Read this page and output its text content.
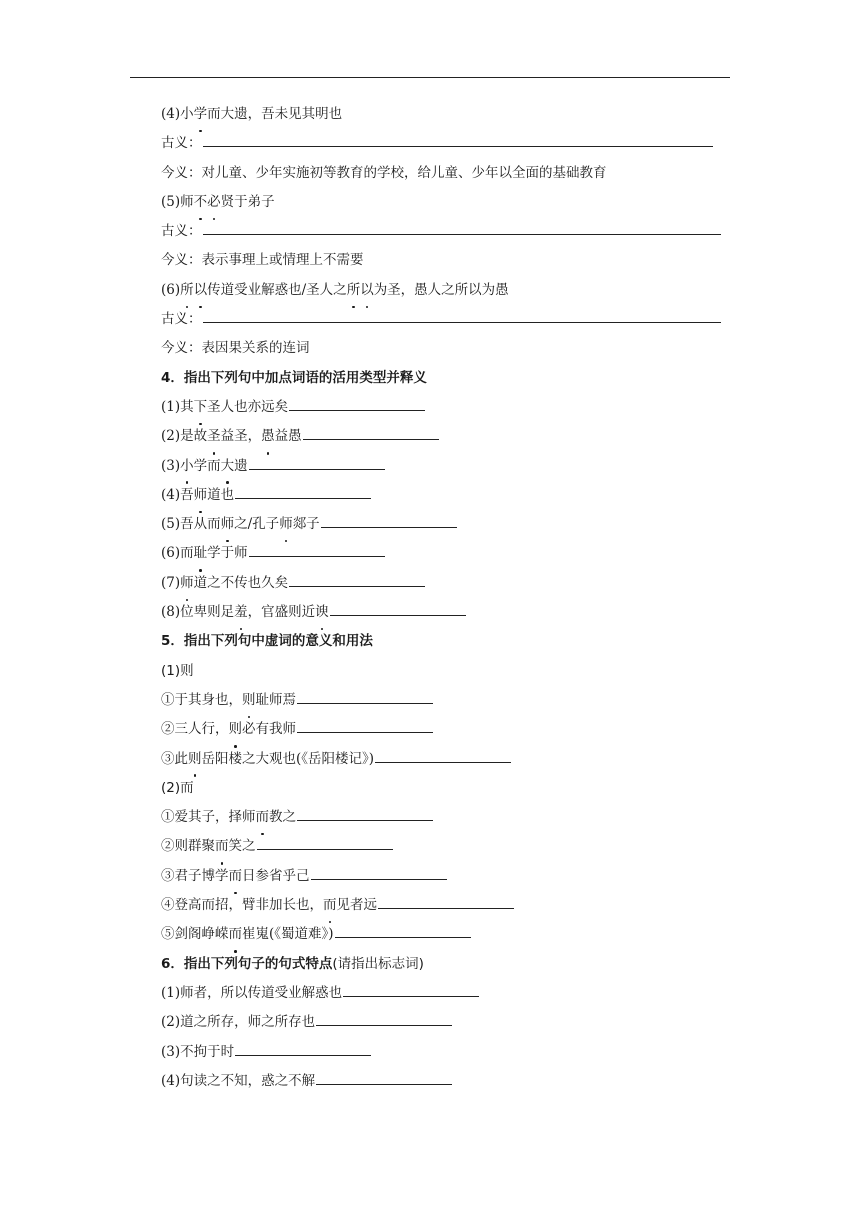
(4)小学而大遗，吾未见其明也
古义：
今义：对儿童、少年实施初等教育的学校，给儿童、少年以全面的基础教育
(5)师不必贤于弟子
古义：
今义：表示事理上或情理上不需要
(6)所以传道受业解惑也/圣人之所以为圣，愚人之所以为愚
古义：
今义：表因果关系的连词
4．指出下列句中加点词语的活用类型并释义
(1)其下圣人也亦远矣
(2)是故圣益圣，愚益愚
(3)小学而大遗
(4)吾师道也
(5)吾从而师之/孔子师郯子
(6)而耻学于师
(7)师道之不传也久矣
(8)位卑则足羞，官盛则近谀
5．指出下列句中虚词的意义和用法
(1)则
①于其身也，则耻师焉
②三人行，则必有我师
③此则岳阳楼之大观也(《岳阳楼记》)
(2)而
①爱其子，择师而教之
②则群聚而笑之
③君子博学而日参省乎己
④登高而招，臂非加长也，而见者远
⑤剑阁峥嵘而崔嵬(《蜀道难》)
6．指出下列句子的句式特点(请指出标志词)
(1)师者，所以传道受业解惑也
(2)道之所存，师之所存也
(3)不拘于时
(4)句读之不知，惑之不解
